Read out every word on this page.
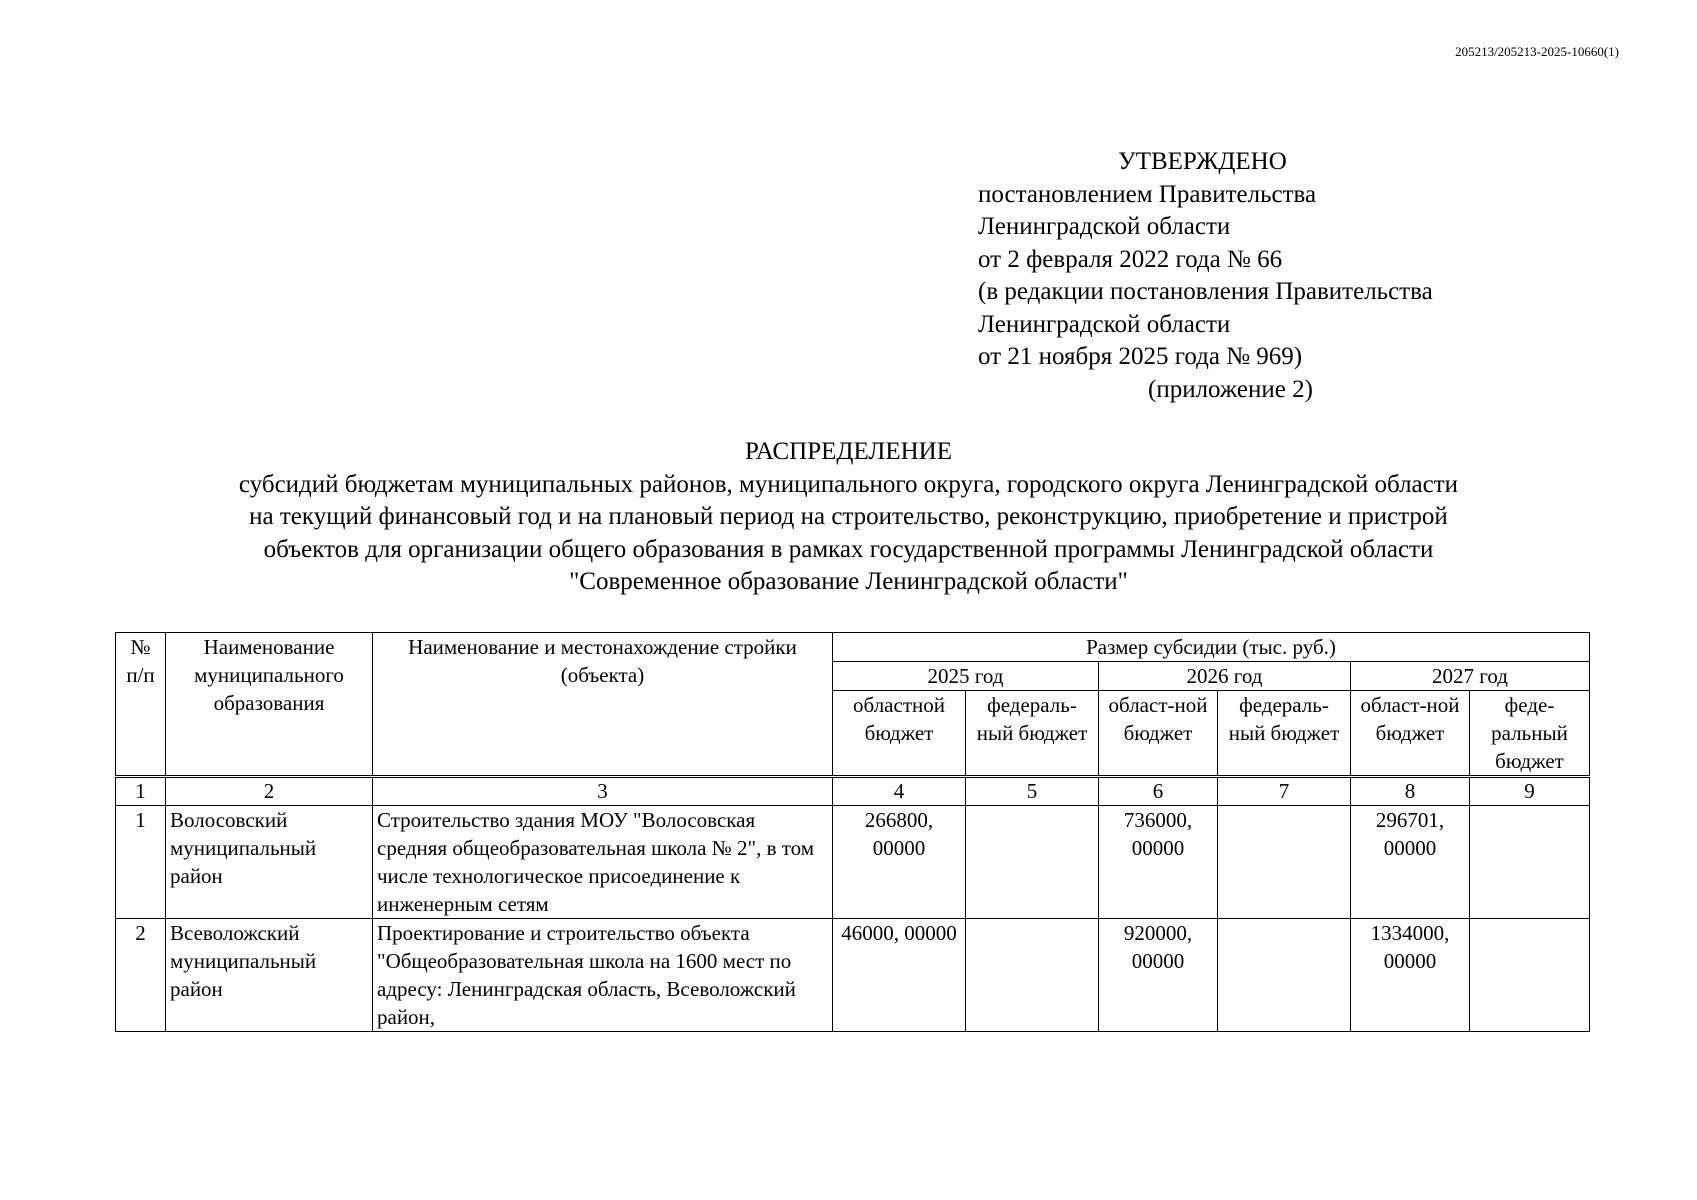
205213/205213-2025-10660(1)
УТВЕРЖДЕНО
постановлением Правительства
Ленинградской области
от 2 февраля 2022 года № 66
(в редакции постановления Правительства
Ленинградской области
от 21 ноября 2025 года № 969)
(приложение 2)
РАСПРЕДЕЛЕНИЕ
субсидий бюджетам муниципальных районов, муниципального округа, городского округа Ленинградской области
на текущий финансовый год и на плановый период на строительство, реконструкцию, приобретение и пристрой
объектов для организации общего образования в рамках государственной программы Ленинградской области
"Современное образование Ленинградской области"
№ п/п	Наименование муниципального образования	Наименование и местонахождение стройки (объекта)	Размер субсидии (тыс. руб.)					
			2025 год		2026 год		2027 год	
			областной бюджет	федераль-ный бюджет	област-ной бюджет	федераль-ный бюджет	област-ной бюджет	феде-ральный бюджет
1	2	3	4	5	6	7	8	9
1	Волосовский муниципальный район	Строительство здания МОУ "Волосовская средняя общеобразовательная школа № 2", в том числе технологическое присоединение к инженерным сетям	266800, 00000		736000, 00000		296701, 00000	
2	Всеволожский муниципальный район	Проектирование и строительство объекта "Общеобразовательная школа на 1600 мест по адресу: Ленинградская область, Всеволожский район,	46000, 00000		920000, 00000		1334000, 00000	
